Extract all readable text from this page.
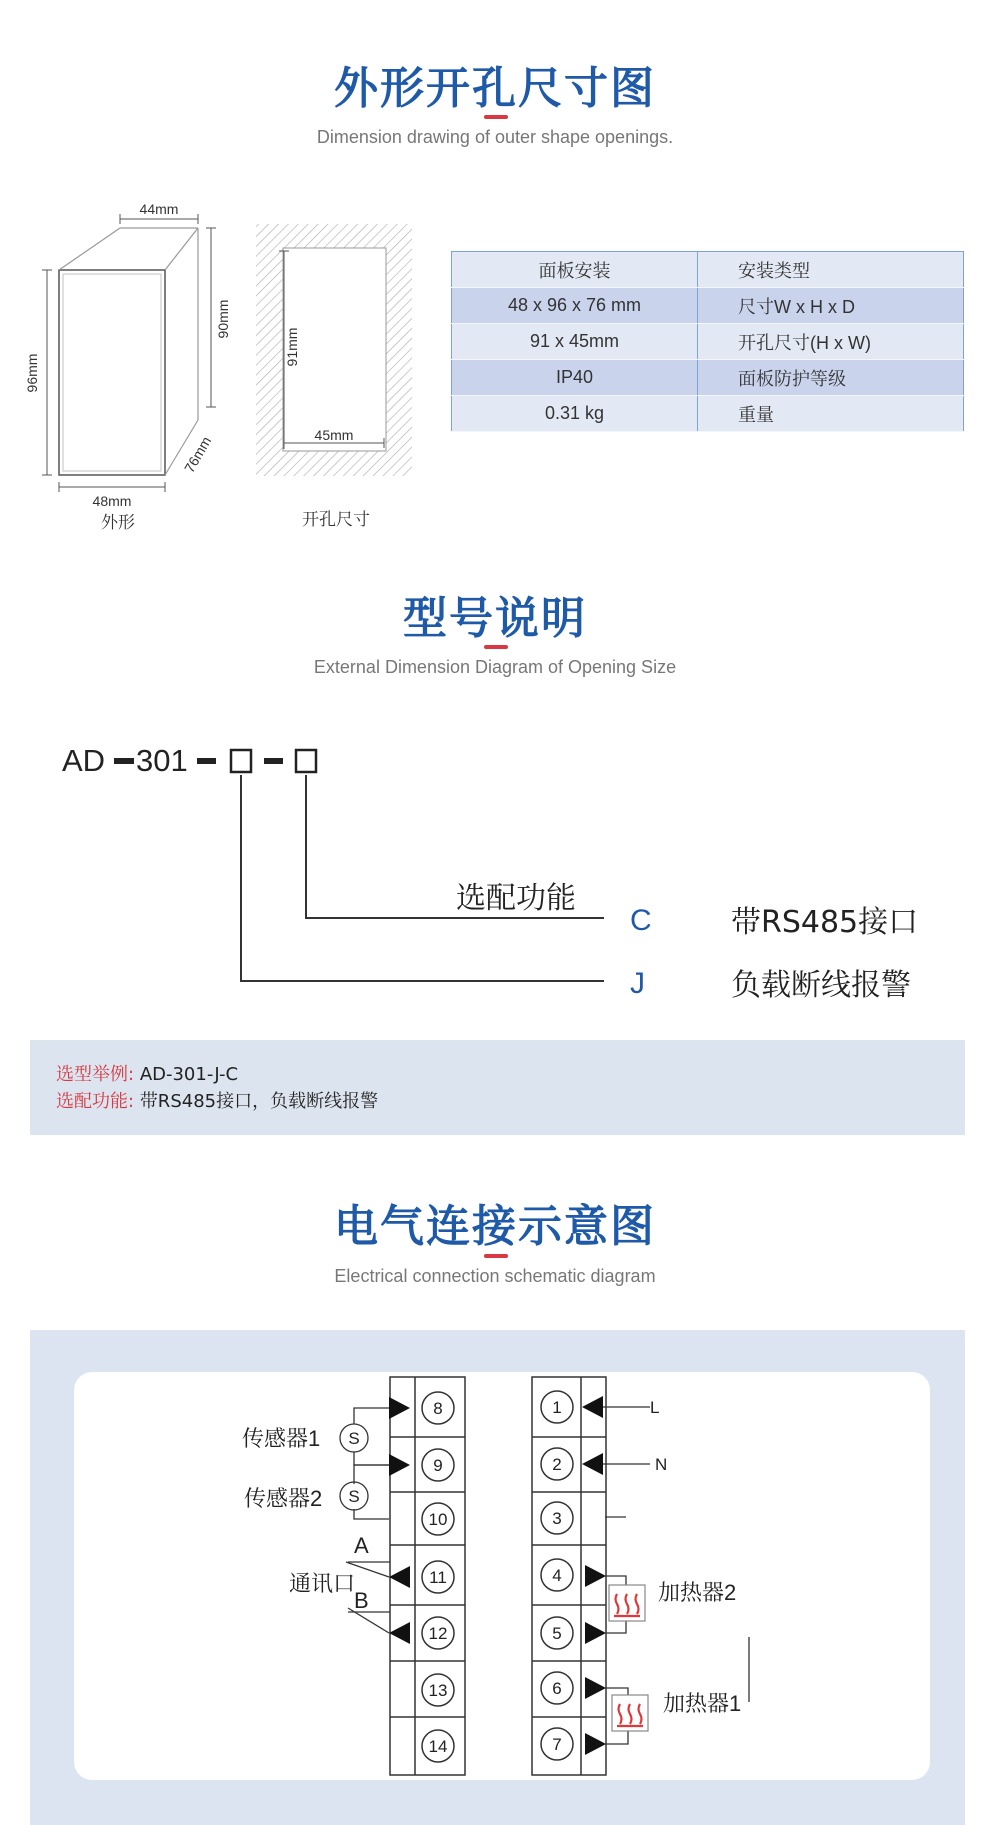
外形开孔尺寸图
Dimension drawing of outer shape openings.
44mm
96mm
90mm
76mm
48mm
外形
91mm
45mm
开孔尺寸
面板安装	安装类型
48 x 96 x 76 mm	尺寸W x H x D
91 x 45mm	开孔尺寸(H x W)
IP40	面板防护等级
0.31 kg	重量
型号说明
External Dimension Diagram of Opening Size
AD 301
选配功能
C	带RS485接口
J	负载断线报警
选型举例: AD-301-J-C
选配功能: 带RS485接口，负载断线报警
电气连接示意图
Electrical connection schematic diagram
8
9
10
11
12
13
14
1
2
3
4
5
6
7
S
S
传感器1
传感器2
通讯口	加热器2
加热器1
A
B
L
N
